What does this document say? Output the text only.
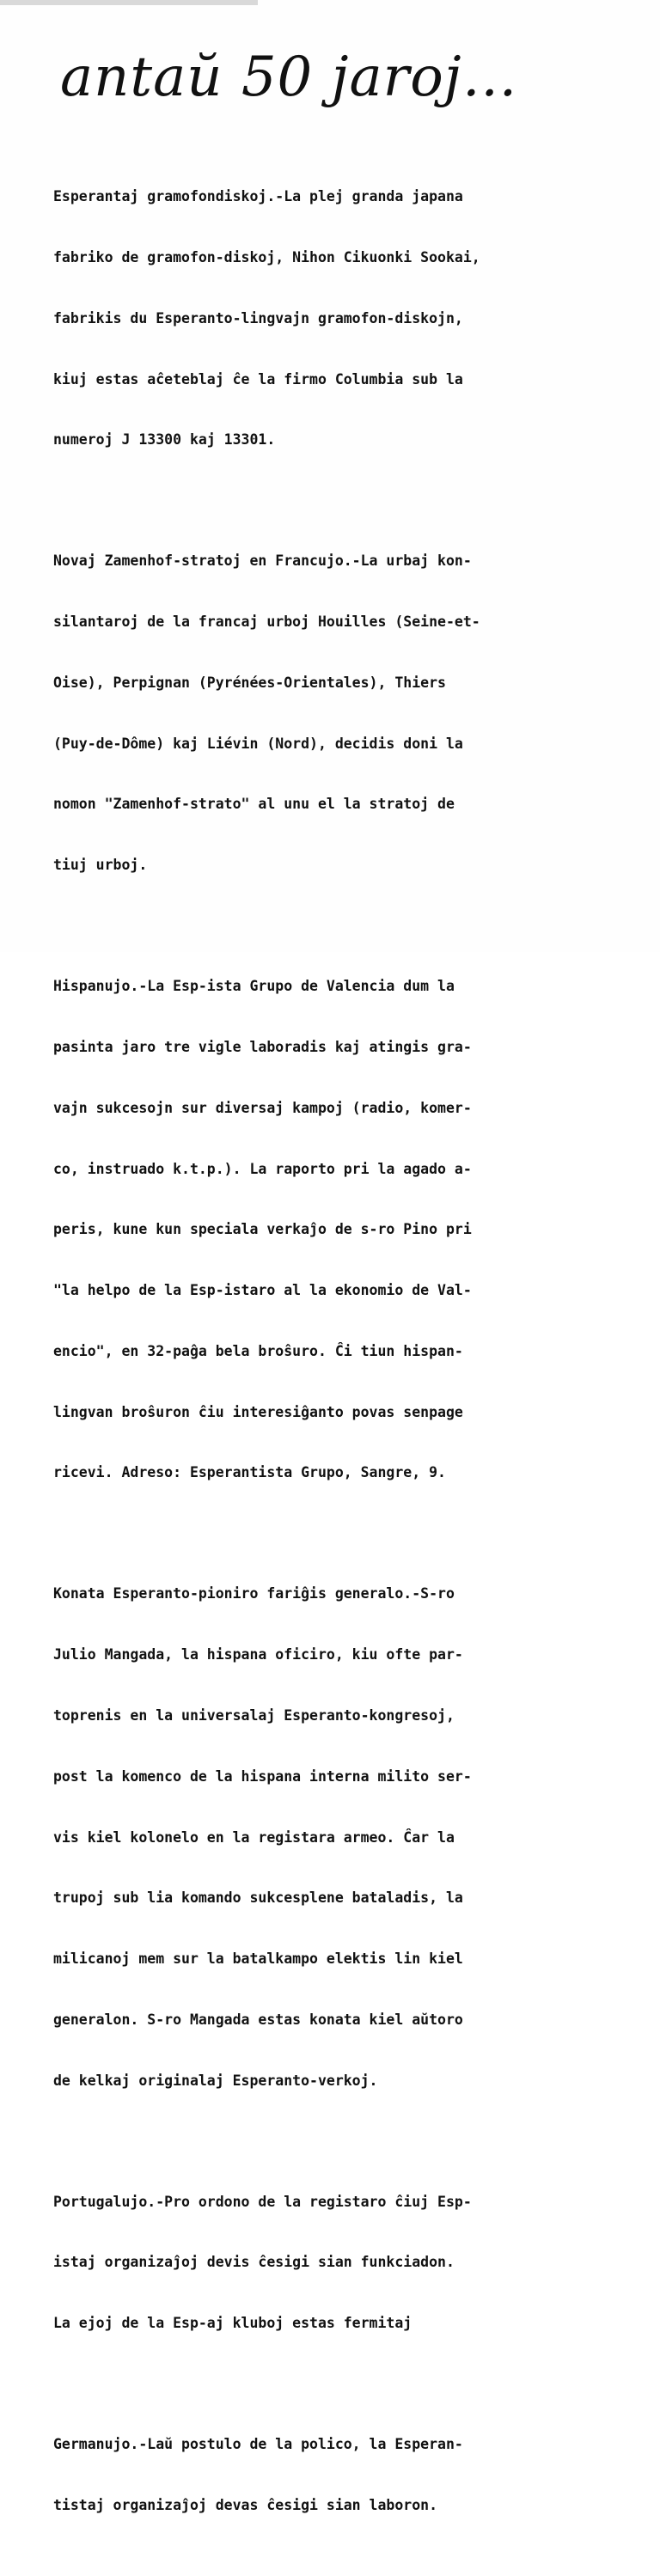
antaŭ 50 jaroj…

Esperantaj gramofondiskoj.-La plej granda japana

fabriko de gramofon-diskoj, Nihon Cikuonki Sookai,

fabrikis du Esperanto-lingvajn gramofon-diskojn,

kiuj estas aĉeteblaj ĉe la firmo Columbia sub la

numeroj J 13300 kaj 13301.

Novaj Zamenhof-stratoj en Francujo.-La urbaj kon-

silantaroj de la francaj urboj Houilles (Seine-et-

Oise), Perpignan (Pyrénées-Orientales), Thiers

(Puy-de-Dôme) kaj Liévin (Nord), decidis doni la

nomon "Zamenhof-strato" al unu el la stratoj de

tiuj urboj.

Hispanujo.-La Esp-ista Grupo de Valencia dum la

pasinta jaro tre vigle laboradis kaj atingis gra-

vajn sukcesojn sur diversaj kampoj (radio, komer-

co, instruado k.t.p.). La raporto pri la agado a-

peris, kune kun speciala verkaĵo de s-ro Pino pri

"la helpo de la Esp-istaro al la ekonomio de Val-

encio", en 32-paĝa bela broŝuro. Ĉi tiun hispan-

lingvan broŝuron ĉiu interesiĝanto povas senpage

ricevi. Adreso: Esperantista Grupo, Sangre, 9.

Konata Esperanto-pioniro fariĝis generalo.-S-ro

Julio Mangada, la hispana oficiro, kiu ofte par-

toprenis en la universalaj Esperanto-kongresoj,

post la komenco de la hispana interna milito ser-

vis kiel kolonelo en la registara armeo. Ĉar la

trupoj sub lia komando sukcesplene bataladis, la

milicanoj mem sur la batalkampo elektis lin kiel

generalon. S-ro Mangada estas konata kiel aŭtoro

de kelkaj originalaj Esperanto-verkoj.

Portugalujo.-Pro ordono de la registaro ĉiuj Esp-

istaj organizaĵoj devis ĉesigi sian funkciadon.

La ejoj de la Esp-aj kluboj estas fermitaj

Germanujo.-Laŭ postulo de la polico, la Esperan-

tistaj organizaĵoj devas ĉesigi sian laboron.
